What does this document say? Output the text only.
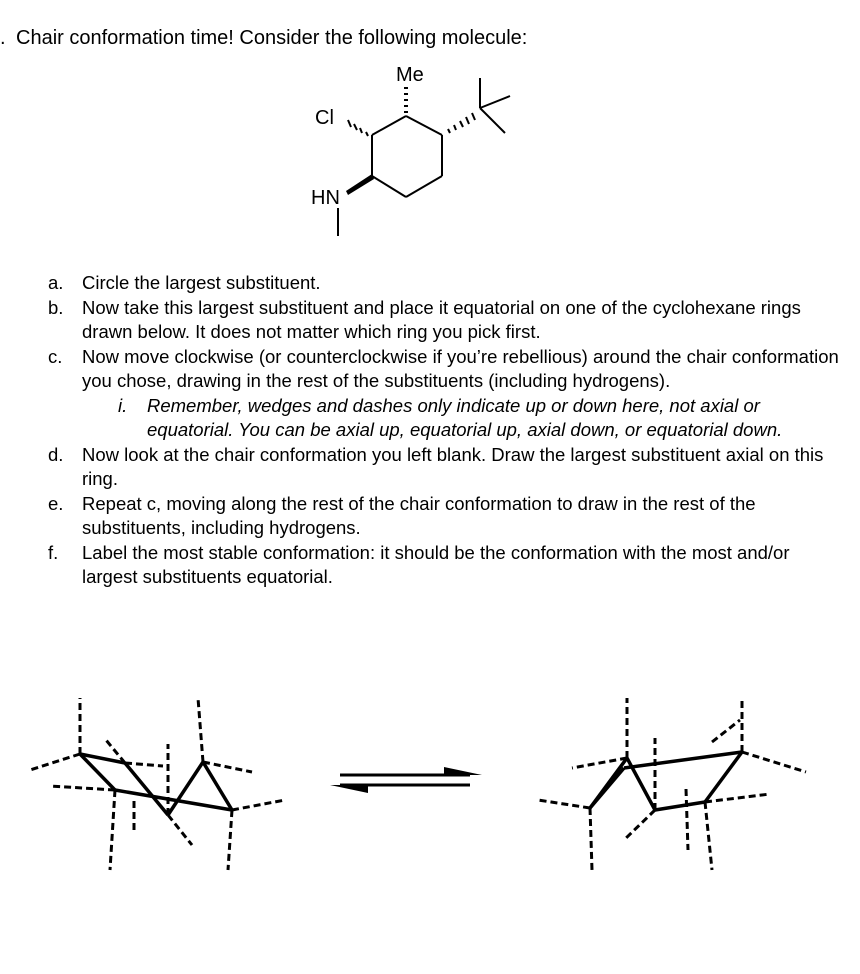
. Chair conformation time! Consider the following molecule:
Me
Cl
HN
a. Circle the largest substituent.
b. Now take this largest substituent and place it equatorial on one of the cyclohexane rings drawn below. It does not matter which ring you pick first.
c. Now move clockwise (or counterclockwise if you’re rebellious) around the chair conformation you chose, drawing in the rest of the substituents (including hydrogens).
i. Remember, wedges and dashes only indicate up or down here, not axial or equatorial. You can be axial up, equatorial up, axial down, or equatorial down.
d. Now look at the chair conformation you left blank. Draw the largest substituent axial on this ring.
e. Repeat c, moving along the rest of the chair conformation to draw in the rest of the substituents, including hydrogens.
f. Label the most stable conformation: it should be the conformation with the most and/or largest substituents equatorial.
